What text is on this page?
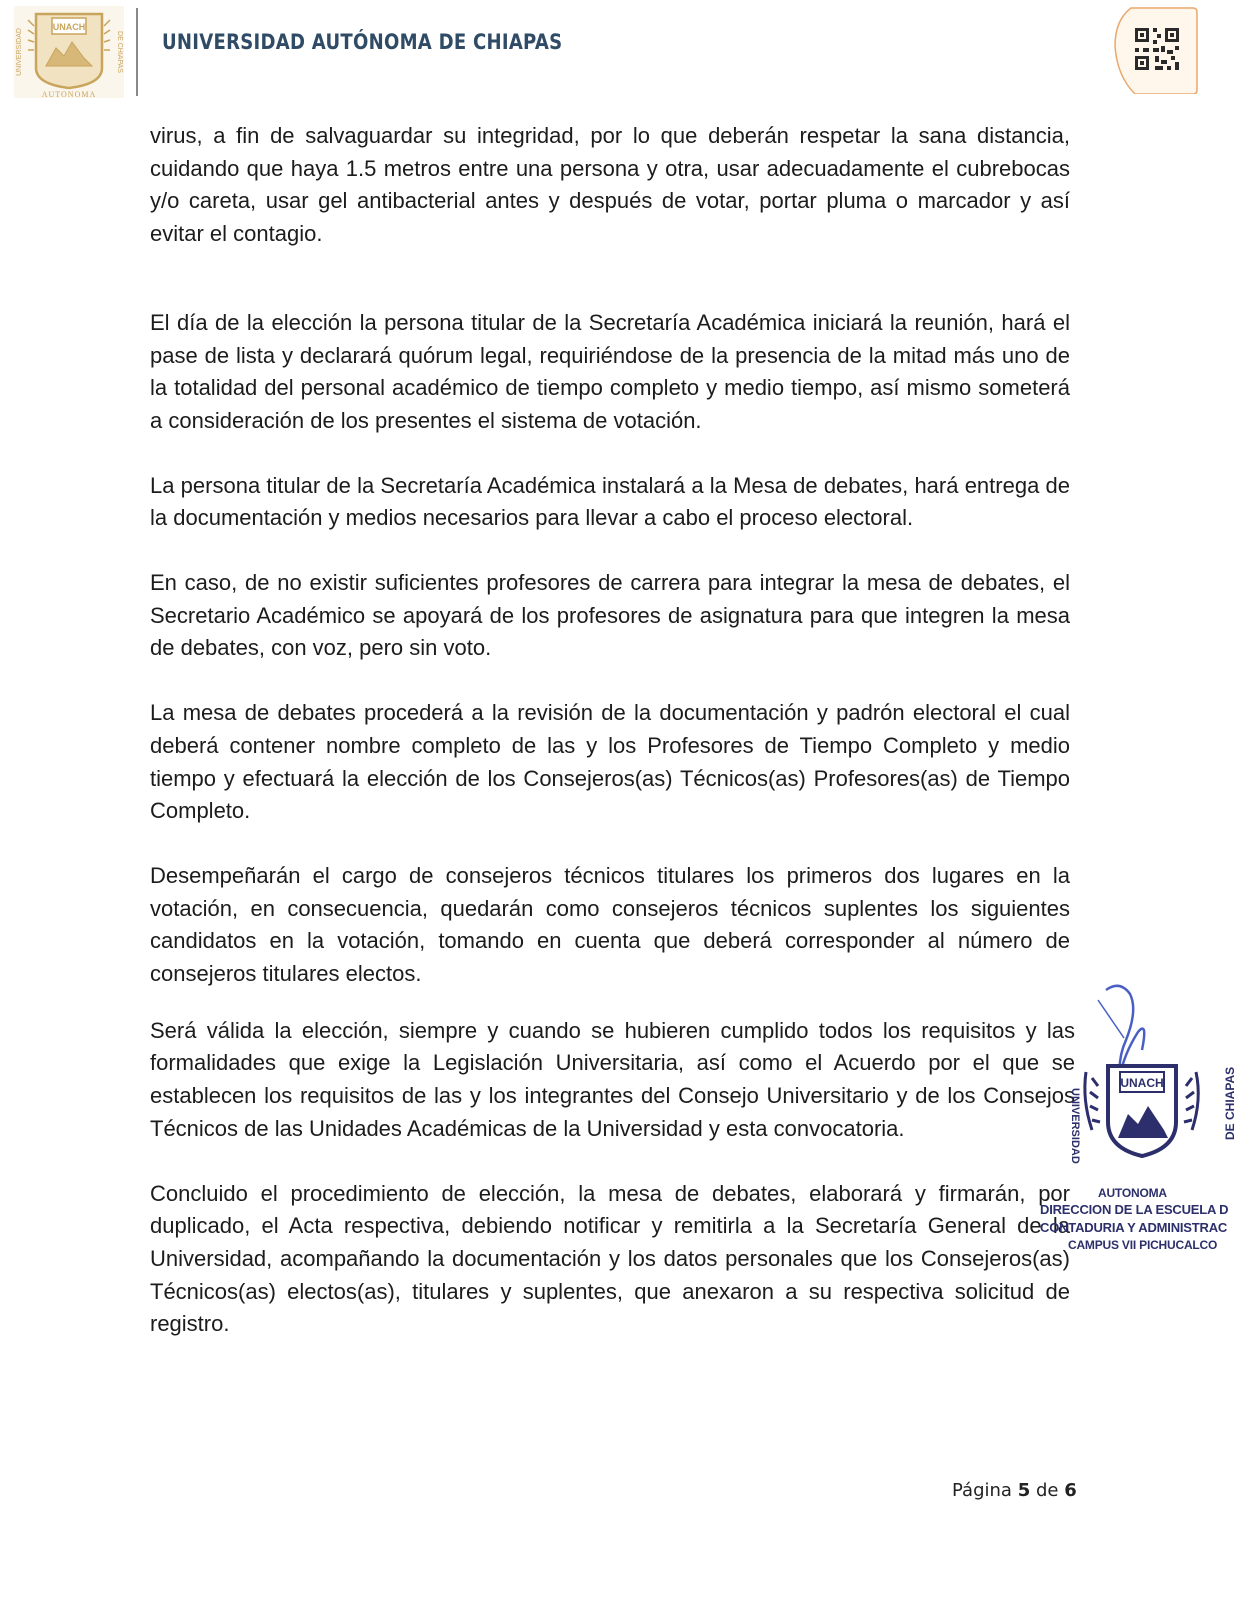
UNIVERSIDAD	DE CHIAPAS
UNACH
AUTONOMA
UNIVERSIDAD AUTÓNOMA DE CHIAPAS

virus, a fin de salvaguardar su integridad, por lo que deberán respetar la sana distancia, cuidando que haya 1.5 metros entre una persona y otra, usar adecuadamente el cubrebocas y/o careta, usar gel antibacterial antes y después de votar, portar pluma o marcador y así evitar el contagio.

El día de la elección la persona titular de la Secretaría Académica iniciará la reunión, hará el pase de lista y declarará quórum legal, requiriéndose de la presencia de la mitad más uno de la totalidad del personal académico de tiempo completo y medio tiempo, así mismo someterá a consideración de los presentes el sistema de votación.

La persona titular de la Secretaría Académica instalará a la Mesa de debates, hará entrega de la documentación y medios necesarios para llevar a cabo el proceso electoral.

En caso, de no existir suficientes profesores de carrera para integrar la mesa de debates, el Secretario Académico se apoyará de los profesores de asignatura para que integren la mesa de debates, con voz, pero sin voto.

La mesa de debates procederá a la revisión de la documentación y padrón electoral el cual deberá contener nombre completo de las y los Profesores de Tiempo Completo y medio tiempo y efectuará la elección de los Consejeros(as) Técnicos(as) Profesores(as) de Tiempo Completo.

Desempeñarán el cargo de consejeros técnicos titulares los primeros dos lugares en la votación, en consecuencia, quedarán como consejeros técnicos suplentes los siguientes candidatos en la votación, tomando en cuenta que deberá corresponder al número de consejeros titulares electos.

Será válida la elección, siempre y cuando se hubieren cumplido todos los requisitos y las formalidades que exige la Legislación Universitaria, así como el Acuerdo por el que se establecen los requisitos de las y los integrantes del Consejo Universitario y de los Consejos Técnicos de las Unidades Académicas de la Universidad y esta convocatoria.

Concluido el procedimiento de elección, la mesa de debates, elaborará y firmarán, por duplicado, el Acta respectiva, debiendo notificar y remitirla a la Secretaría General de la Universidad, acompañando la documentación y los datos personales que los Consejeros(as) Técnicos(as) electos(as), titulares y suplentes, que anexaron a su respectiva solicitud de registro.

UNIVERSIDAD	DE CHIAPAS
UNACH
AUTONOMA
DIRECCION DE LA ESCUELA D
CONTADURIA Y ADMINISTRAC
CAMPUS VII PICHUCALCO
Página 5 de 6
